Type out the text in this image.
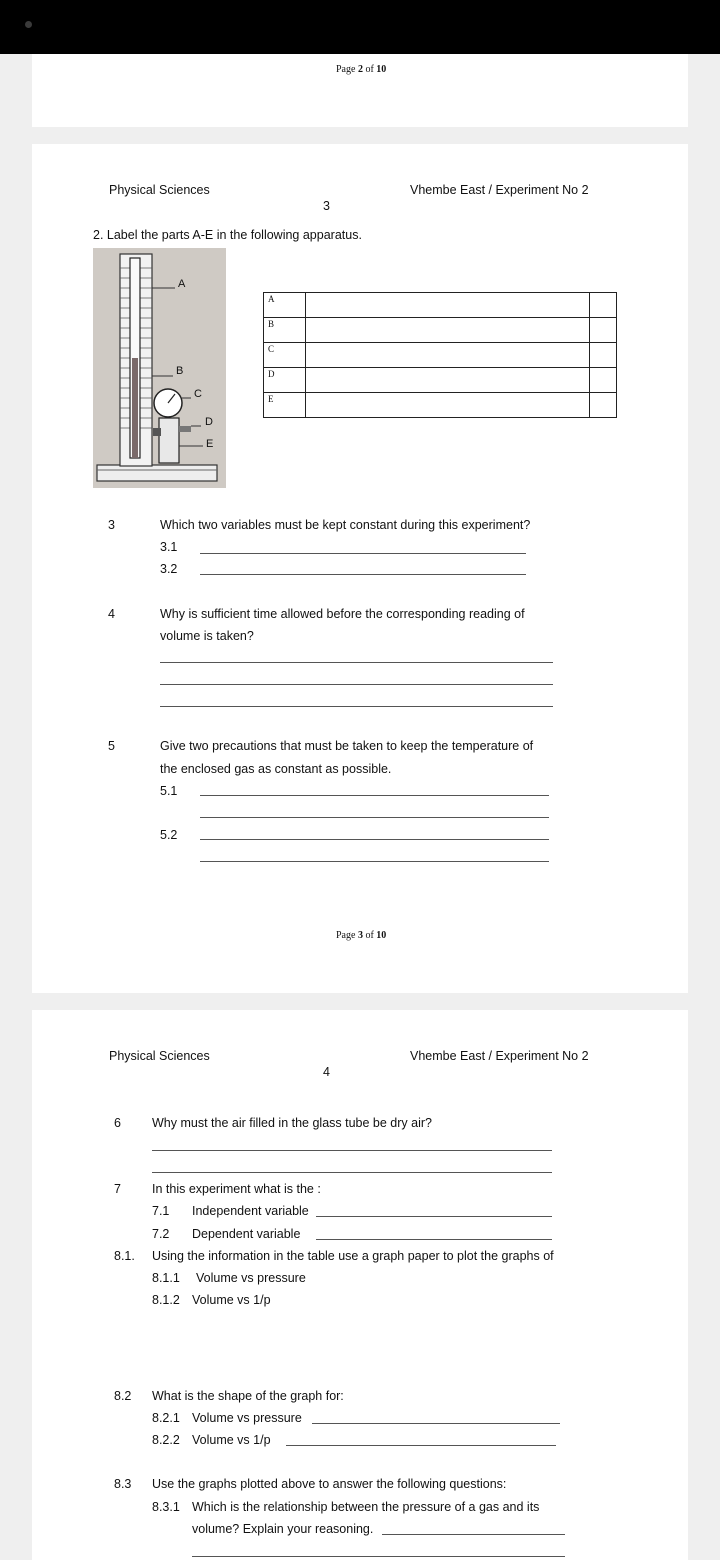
Page 2 of 10
Physical Sciences	Vhembe East / Experiment No 2
3
2. Label the parts A-E in the following apparatus.
A
B
C
D
E
A		
B		
C		
D		
E		
3	Which two variables must be kept constant during this experiment?
3.1
3.2
4	Why is sufficient time allowed before the corresponding reading of
volume is taken?
5	Give two precautions that must be taken to keep the temperature of
the enclosed gas as constant as possible.
5.1
5.2
Page 3 of 10
Physical Sciences	Vhembe East / Experiment No 2
4
6 Why must the air filled in the glass tube be dry air?
7 In this experiment what is the :
7.1 Independent variable
7.2 Dependent variable
8.1. Using the information in the table use a graph paper to plot the graphs of
8.1.1 Volume vs pressure
8.1.2 Volume vs 1/p
8.2 What is the shape of the graph for:
8.2.1 Volume vs pressure
8.2.2 Volume vs 1/p
8.3 Use the graphs plotted above to answer the following questions:
8.3.1 Which is the relationship between the pressure of a gas and its
volume? Explain your reasoning.
